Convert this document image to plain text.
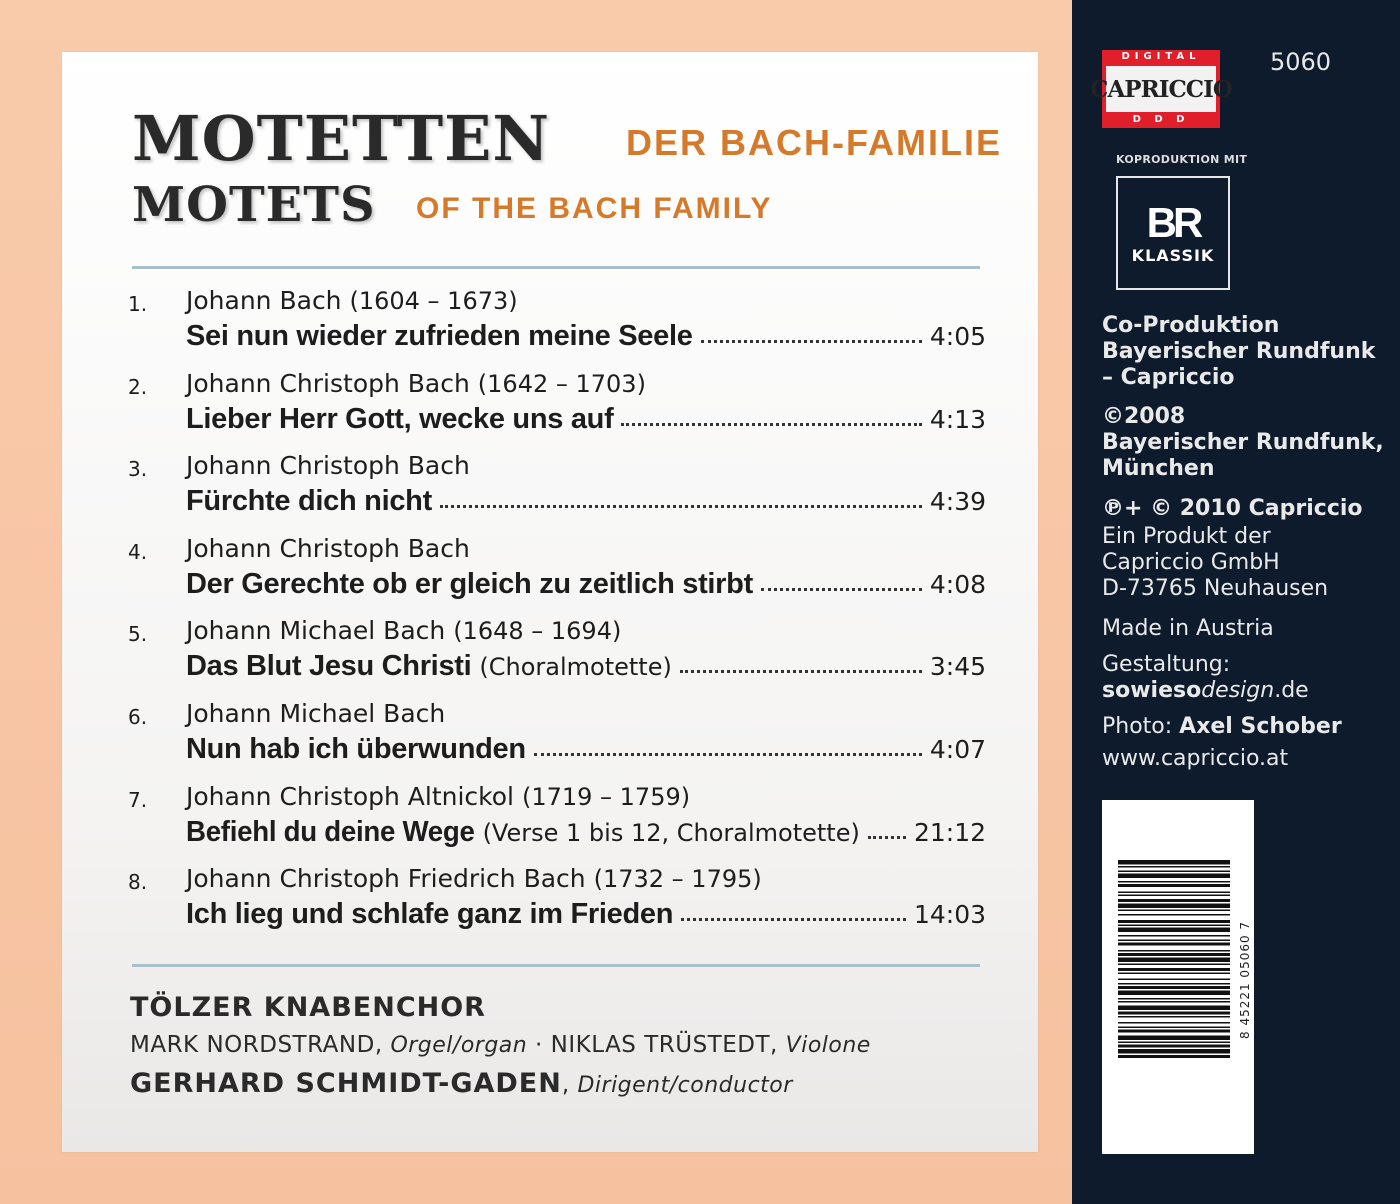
MOTETTEN DER BACH-FAMILIE
MOTETS OF THE BACH FAMILY
1. Johann Bach (1604 – 1673)
Sei nun wieder zufrieden meine Seele	4:05
2. Johann Christoph Bach (1642 – 1703)
Lieber Herr Gott, wecke uns auf	4:13
3. Johann Christoph Bach
Fürchte dich nicht	4:39
4. Johann Christoph Bach
Der Gerechte ob er gleich zu zeitlich stirbt	4:08
5. Johann Michael Bach (1648 – 1694)
Das Blut Jesu Christi (Choralmotette)	3:45
6. Johann Michael Bach
Nun hab ich überwunden	4:07
7. Johann Christoph Altnickol (1719 – 1759)
Befiehl du deine Wege (Verse 1 bis 12, Choralmotette) 21:12
8. Johann Christoph Friedrich Bach (1732 – 1795)
Ich lieg und schlafe ganz im Frieden	14:03
TÖLZER KNABENCHOR
MARK NORDSTRAND, Orgel/organ · NIKLAS TRÜSTEDT, Violone
GERHARD SCHMIDT-GADEN, Dirigent/conductor
DIGITAL
CAPRICCIO
D D D
5060
KOPRODUKTION MIT
BR
KLASSIK
Co-Produktion
Bayerischer Rundfunk
– Capriccio
©2008
Bayerischer Rundfunk,
München
℗+ © 2010 Capriccio
Ein Produkt der
Capriccio GmbH
D-73765 Neuhausen
Made in Austria
Gestaltung:
sowiesodesign.de
Photo: Axel Schober
www.capriccio.at
8 45221 05060 7
